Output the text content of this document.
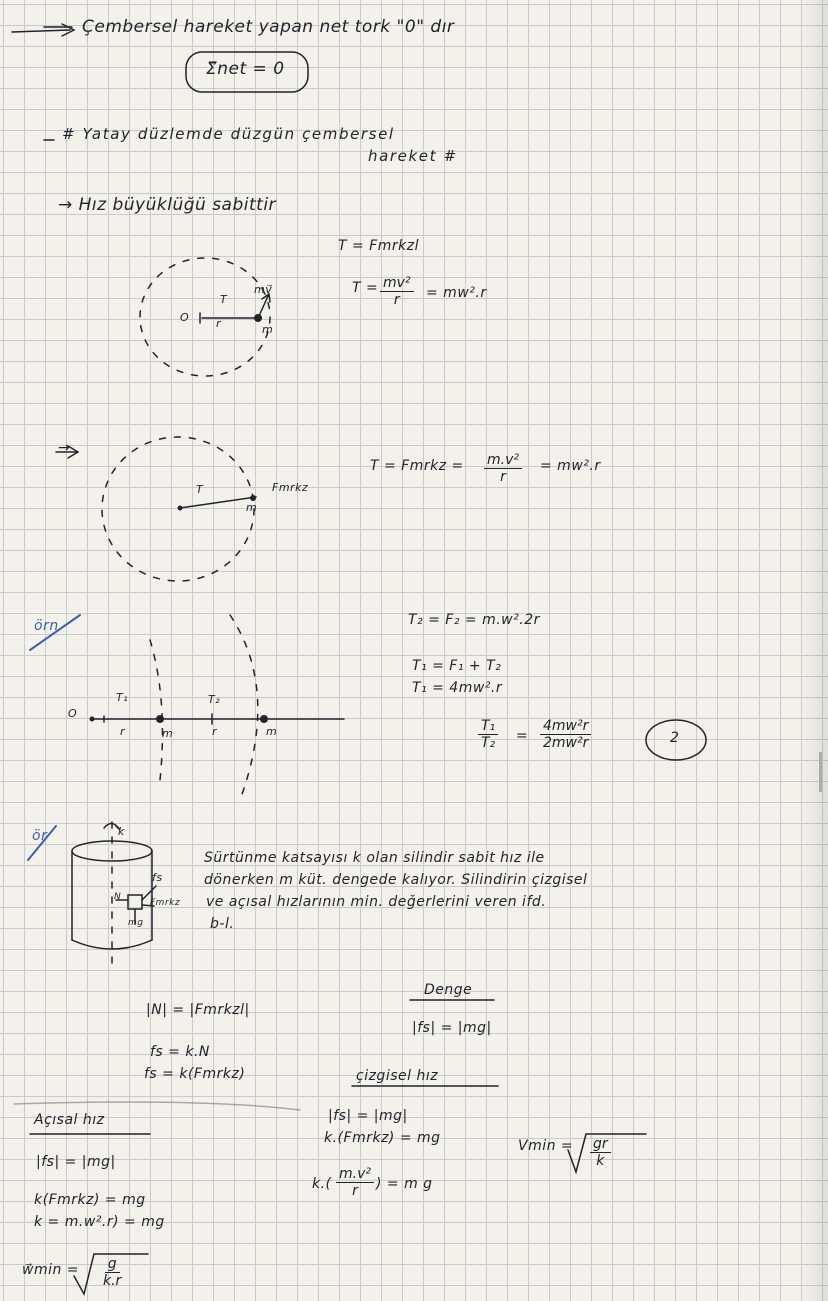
Çembersel hareket yapan net tork "0" dır
Σ⃗net = 0
# Yatay düzlemde düzgün çembersel
hareket #
→ Hız büyüklüğü sabittir
T = Fmrkzl
$T = \frac{\text{mv²}}{r} = mw^2.r$
T
O r	m
mv⃗
T = Fmrkz = $\frac{\text{m.v²}}{r} = mw^2.r$
T	Fmrkz
m
örn	T₂ = F₂ = m.w².2r
T₁ = F₁ + T₂
T₁ = 4mw².r
$\frac{\text{T₁}}{\text{T₂}} = \frac{\text{4mw²r}}{\text{2mw²r}}$	2
O
T₁	T₂
r	r
m	m
ör	k
fs
Fmrkz
mg
N
Sürtünme katsayısı k olan silindir sabit hız ile
dönerken m küt. dengede kalıyor. Silindirin çizgisel
ve açısal hızlarının min. değerlerini veren ifd.
b-l.
|N| = |Fmrkzl|
fs = k.N
fs = k(Fmrkz)
Denge
|fs| = |mg|
çizgisel hız
|fs| = |mg|
k.(Fmrkz) = mg
$k.( \frac{\text{m.v²}}{r}$ ) = m g
$Vmin = \frac{gr}{k}$
Açısal hız
|fs| = |mg|
k(Fmrkz) = mg
k = m.w².r) = mg
w⃗min = $\frac{g}{k.r}$
→
